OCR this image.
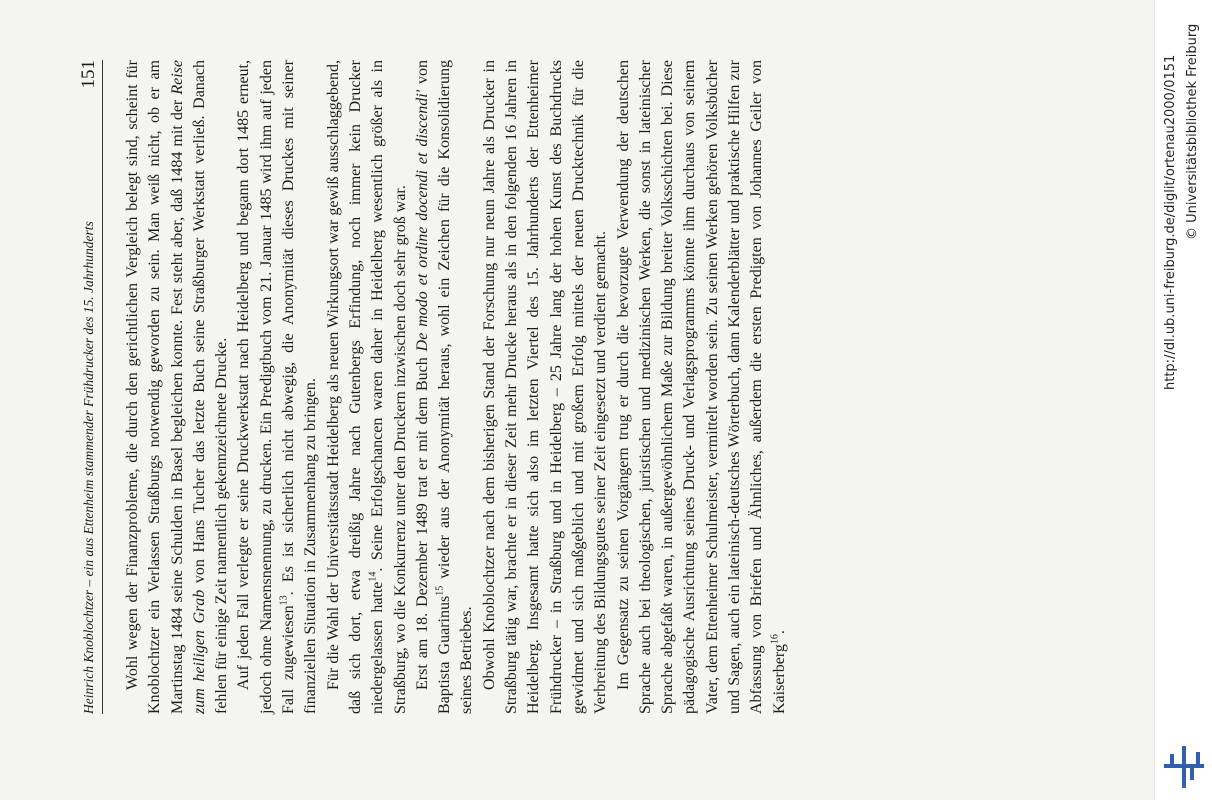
Heinrich Knoblochtzer – ein aus Ettenheim stammender Frühdrucker des 15. Jahrhunderts
151 Wohl wegen der Finanzprobleme, die durch den gerichtlichen Vergleich belegt sind, scheint für Knoblochtzer ein Verlassen Straßburgs notwendig geworden zu sein. Man weiß nicht, ob er am Martinstag 1484 seine Schulden in Basel begleichen konnte. Fest steht aber, daß 1484 mit der Reise zum heiligen Grab von Hans Tucher das letzte Buch seine Straßburger Werkstatt verließ. Danach fehlen für einige Zeit namentlich gekennzeichnete Drucke. Auf jeden Fall verlegte er seine Druckwerkstatt nach Heidelberg und begann dort 1485 erneut, jedoch ohne Namensnennung, zu drucken. Ein Predigtbuch vom 21. Januar 1485 wird ihm auf jeden Fall zugewiesen$^{13}$. Es ist sicherlich nicht abwegig, die Anonymität dieses Druckes mit seiner finanziellen Situation in Zusammenhang zu bringen. Für die Wahl der Universitätsstadt Heidelberg als neuen Wirkungsort war gewiß ausschlaggebend, daß sich dort, etwa dreißig Jahre nach Gutenbergs Erfindung, noch immer kein Drucker niedergelassen hatte$^{14}$. Seine Erfolgschancen waren daher in Heidelberg wesentlich größer als in Straßburg, wo die Konkurrenz unter den Druckern inzwischen doch sehr groß war. Erst am 18. Dezember 1489 trat er mit dem Buch De modo et ordine docendi et discendi' von Baptista Guarinus$^{15}$ wieder aus der Anonymität heraus, wohl ein Zeichen für die Konsolidierung seines Betriebes. Obwohl Knoblochtzer nach dem bisherigen Stand der Forschung nur neun Jahre als Drucker in Straßburg tätig war, brachte er in dieser Zeit mehr Drucke heraus als in den folgenden 16 Jahren in Heidelberg. Insgesamt hatte sich also im letzten Viertel des 15. Jahrhunderts der Ettenheimer Frühdrucker – in Straßburg und in Heidelberg – 25 Jahre lang der hohen Kunst des Buchdrucks gewidmet und sich maßgeblich und mit großem Erfolg mittels der neuen Drucktechnik für die Verbreitung des Bildungsgutes seiner Zeit eingesetzt und verdient gemacht. Im Gegensatz zu seinen Vorgängern trug er durch die bevorzugte Verwendung der deutschen Sprache auch bei theologischen, juristischen und medizinischen Werken, die sonst in lateinischer Sprache abgefaßt waren, in außergewöhnlichem Maße zur Bildung breiter Volksschichten bei. Diese pädagogische Ausrichtung seines Druck- und Verlagsprogramms könnte ihm durchaus von seinem Vater, dem Ettenheimer Schulmeister, vermittelt worden sein. Zu seinen Werken gehören Volksbücher und Sagen, auch ein lateinisch-deutsches Wörterbuch, dann Kalenderblätter und praktische Hilfen zur Abfassung von Briefen und Ähnliches, außerdem die ersten Predigten von Johannes Geiler von Kaiserberg$^{16}$.

http://dl.ub.uni-freiburg.de/diglit/ortenau2000/0151 © Universitätsbibliothek Freiburg
